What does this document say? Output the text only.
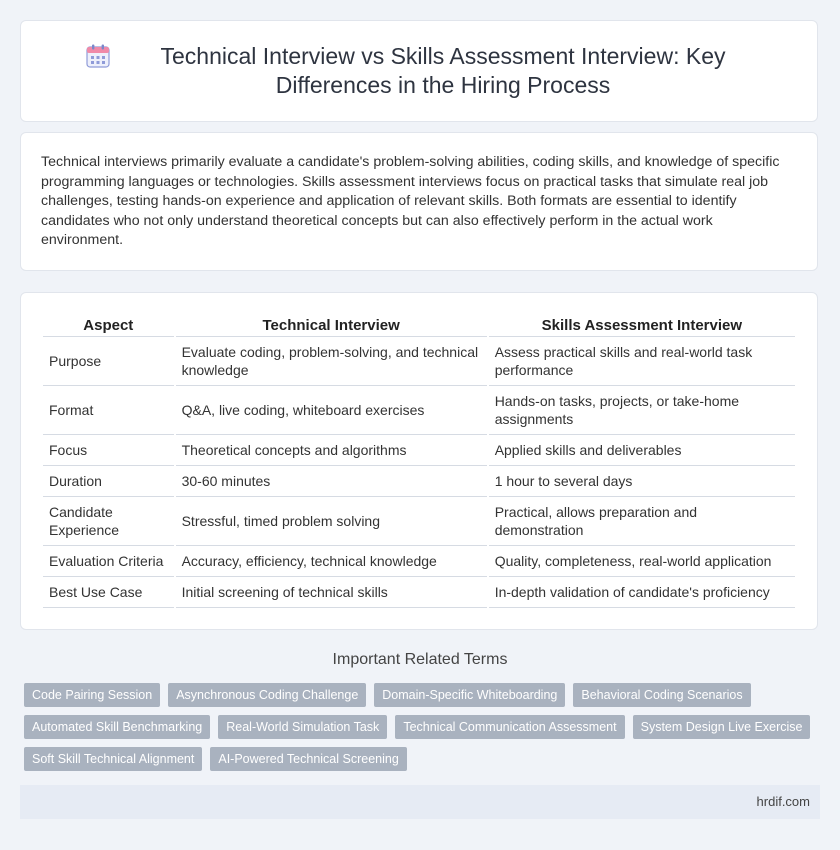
Technical Interview vs Skills Assessment Interview: Key Differences in the Hiring Process

Technical interviews primarily evaluate a candidate's problem-solving abilities, coding skills, and knowledge of specific programming languages or technologies. Skills assessment interviews focus on practical tasks that simulate real job challenges, testing hands-on experience and application of relevant skills. Both formats are essential to identify candidates who not only understand theoretical concepts but can also effectively perform in the actual work environment.

Aspect	Technical Interview	Skills Assessment Interview
Purpose	Evaluate coding, problem-solving, and technical knowledge	Assess practical skills and real-world task performance
Format	Q&A, live coding, whiteboard exercises	Hands-on tasks, projects, or take-home assignments
Focus	Theoretical concepts and algorithms	Applied skills and deliverables
Duration	30-60 minutes	1 hour to several days
Candidate Experience	Stressful, timed problem solving	Practical, allows preparation and demonstration
Evaluation Criteria	Accuracy, efficiency, technical knowledge	Quality, completeness, real-world application
Best Use Case	Initial screening of technical skills	In-depth validation of candidate's proficiency
Important Related Terms
Code Pairing Session	Asynchronous Coding Challenge	Domain-Specific Whiteboarding	Behavioral Coding Scenarios
Automated Skill Benchmarking	Real-World Simulation Task	Technical Communication Assessment	System Design Live Exercise
Soft Skill Technical Alignment	AI-Powered Technical Screening
hrdif.com
